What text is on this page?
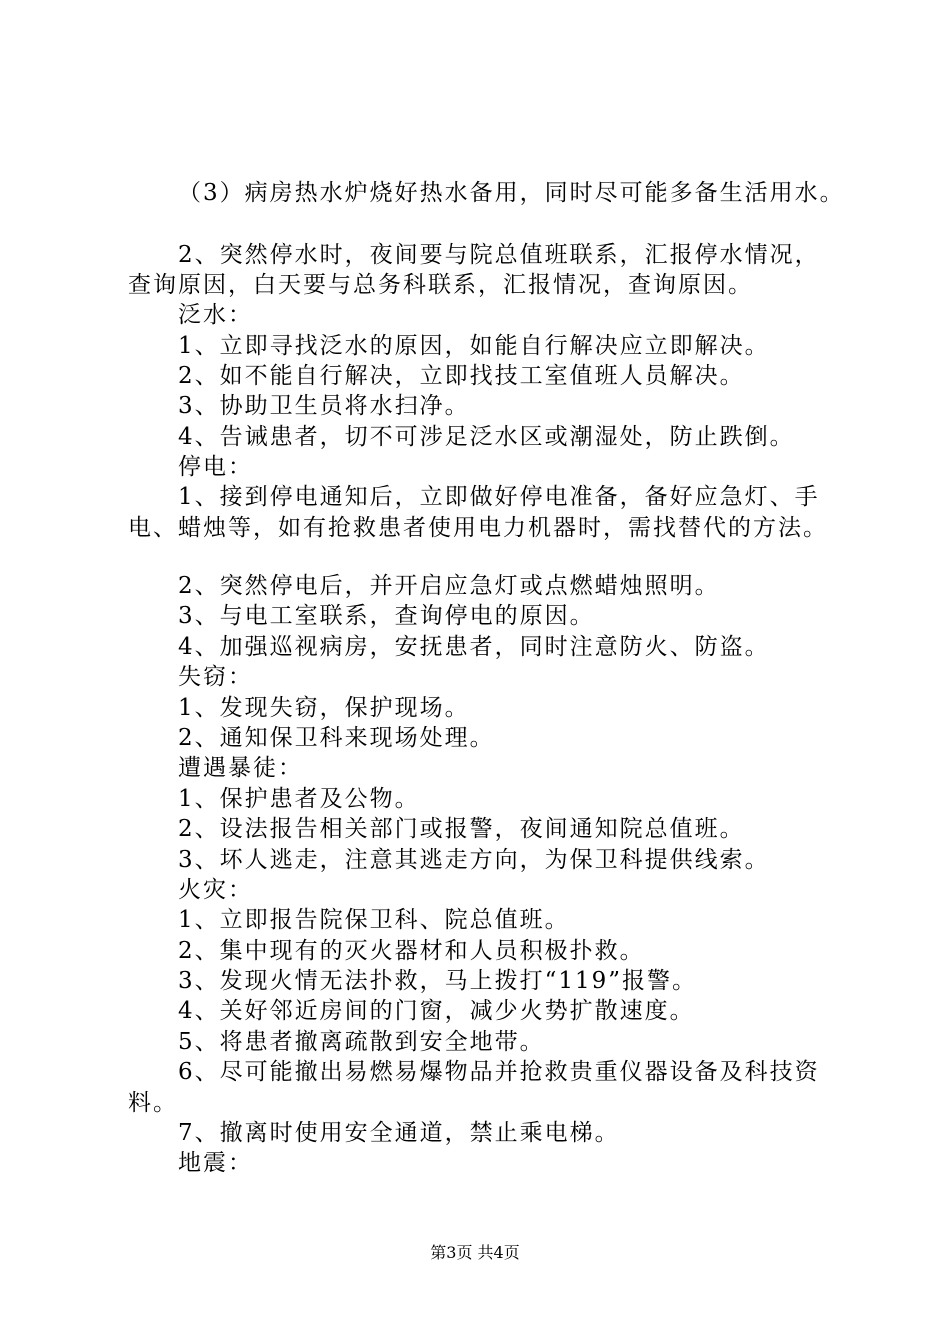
（3）病房热水炉烧好热水备用，同时尽可能多备生活用水。
2、突然停水时，夜间要与院总值班联系，汇报停水情况，
查询原因，白天要与总务科联系，汇报情况，查询原因。
泛水：
1、立即寻找泛水的原因，如能自行解决应立即解决。
2、如不能自行解决，立即找技工室值班人员解决。
3、协助卫生员将水扫净。
4、告诫患者，切不可涉足泛水区或潮湿处，防止跌倒。
停电：
1、接到停电通知后，立即做好停电准备，备好应急灯、手
电、蜡烛等，如有抢救患者使用电力机器时，需找替代的方法。
2、突然停电后，并开启应急灯或点燃蜡烛照明。
3、与电工室联系，查询停电的原因。
4、加强巡视病房，安抚患者，同时注意防火、防盗。
失窃：
1、发现失窃，保护现场。
2、通知保卫科来现场处理。
遭遇暴徒：
1、保护患者及公物。
2、设法报告相关部门或报警，夜间通知院总值班。
3、坏人逃走，注意其逃走方向，为保卫科提供线索。
火灾：
1、立即报告院保卫科、院总值班。
2、集中现有的灭火器材和人员积极扑救。
3、发现火情无法扑救，马上拨打“119”报警。
4、关好邻近房间的门窗，减少火势扩散速度。
5、将患者撤离疏散到安全地带。
6、尽可能撤出易燃易爆物品并抢救贵重仪器设备及科技资
料。
7、撤离时使用安全通道，禁止乘电梯。
地震：
第3页 共4页
